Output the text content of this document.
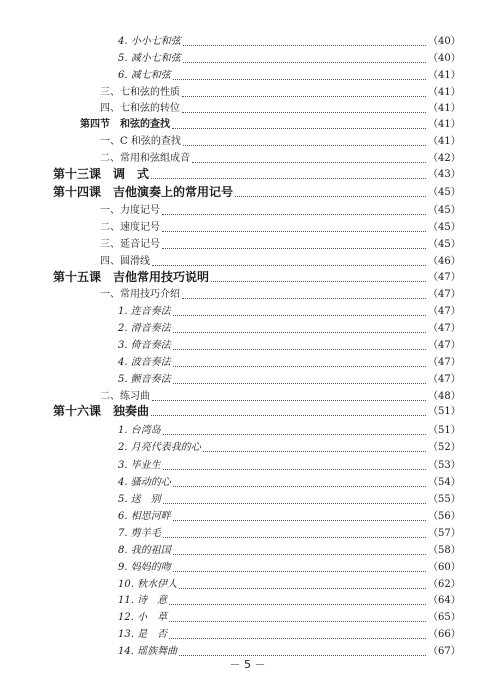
4. 小小七和弦	（40）
5. 减小七和弦	（40）
6. 减七和弦	（41）
三、七和弦的性质	（41）
四、七和弦的转位	（41）
第四节　和弦的查找	（41）
一、C 和弦的查找	（41）
二、常用和弦组成音	（42）
第十三课　调　式	（43）
第十四课　吉他演奏上的常用记号	（45）
一、力度记号	（45）
二、速度记号	（45）
三、延音记号	（45）
四、圆滑线	（46）
第十五课　吉他常用技巧说明	（47）
一、常用技巧介绍	（47）
1. 连音奏法	（47）
2. 滑音奏法	（47）
3. 倚音奏法	（47）
4. 波音奏法	（47）
5. 颤音奏法	（47）
二、练习曲	（48）
第十六课　独奏曲	（51）
1. 台湾岛	（51）
2. 月亮代表我的心	（52）
3. 毕业生	（53）
4. 骚动的心	（54）
5. 送　别	（55）
6. 相思河畔	（56）
7. 剪羊毛	（57）
8. 我的祖国	（58）
9. 妈妈的吻	（60）
10. 秋水伊人	（62）
11. 诗　意	（64）
12. 小　草	（65）
13. 是　否	（66）
14. 瑶族舞曲	（67）
－ 5 －
